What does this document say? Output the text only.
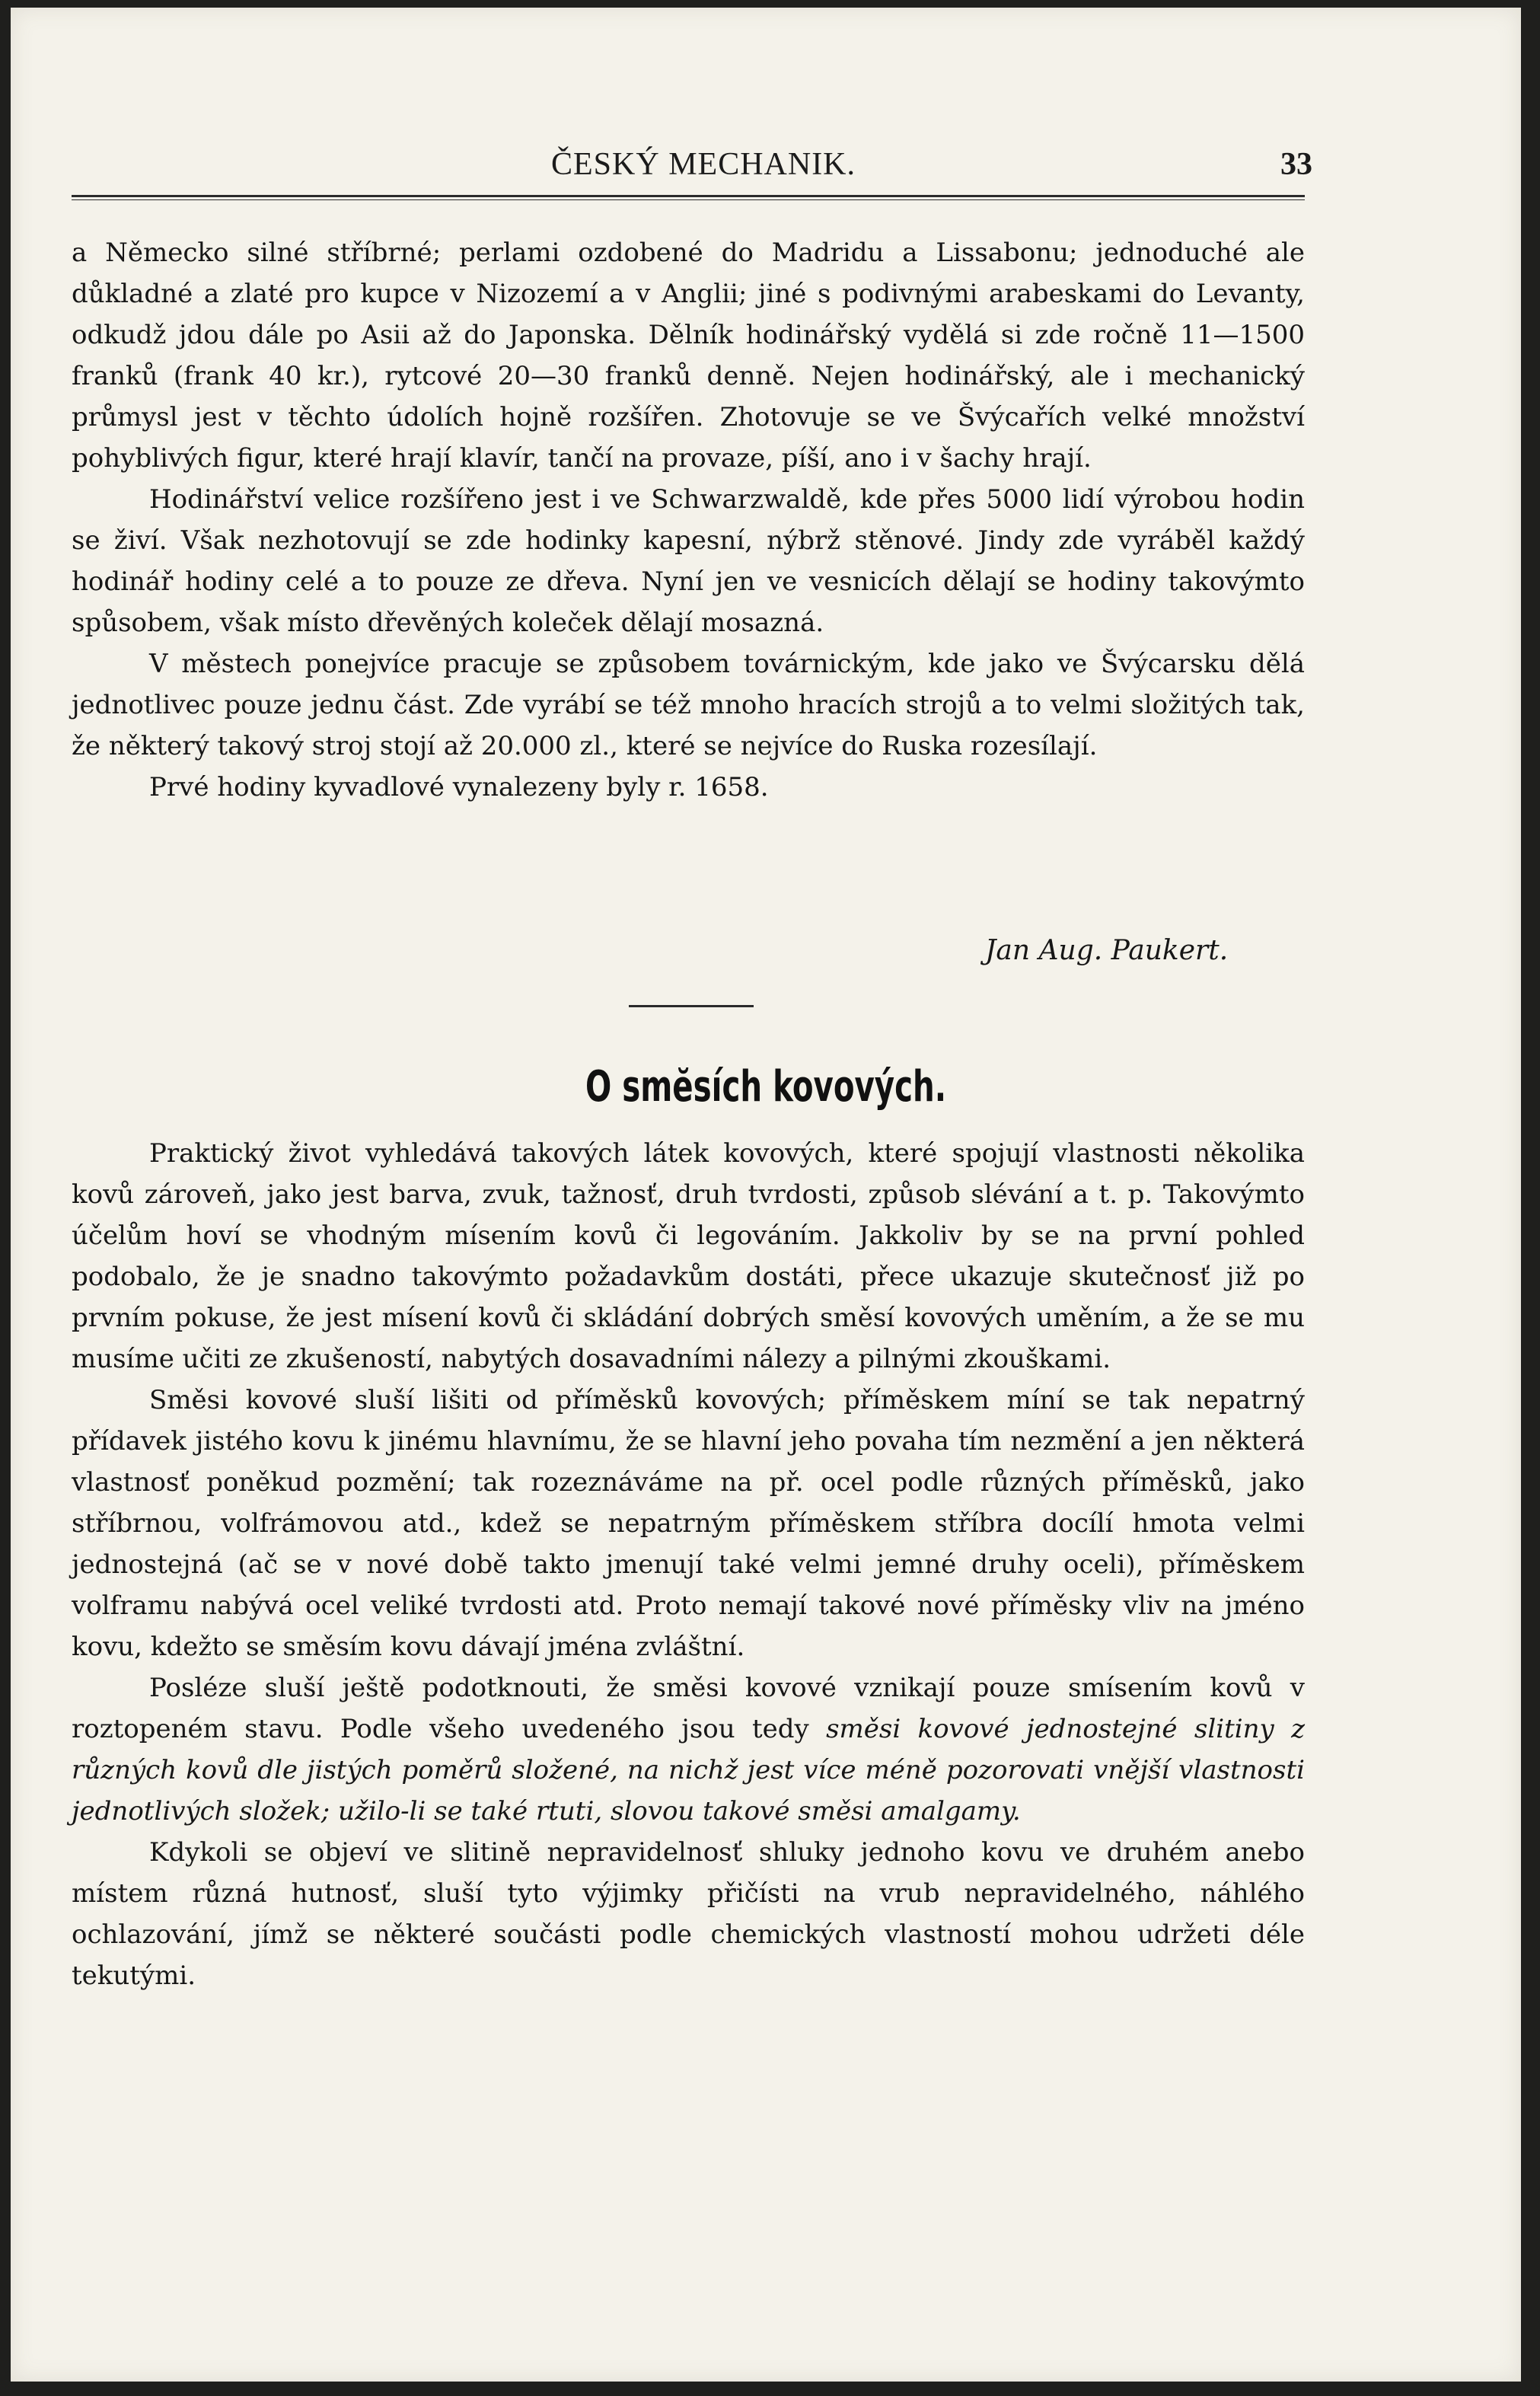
ČESKÝ MECHANIK.	33

a Německo silné stříbrné; perlami ozdobené do Madridu a Lissabonu; jednoduché ale důkladné a zlaté pro kupce v Nizozemí a v Anglii; jiné s podivnými arabeskami do Levanty, odkudž jdou dále po Asii až do Japonska. Dělník hodinářský vydělá si zde ročně 11—1500 franků (frank 40 kr.), rytcové 20—30 franků denně. Nejen hodinářský, ale i mechanický průmysl jest v těchto údolích hojně rozšířen. Zhotovuje se ve Švýcařích velké množství pohyblivých figur, které hrají klavír, tančí na provaze, píší, ano i v šachy hrají.

Hodinářství velice rozšířeno jest i ve Schwarzwaldě, kde přes 5000 lidí výrobou hodin se živí. Však nezhotovují se zde hodinky kapesní, nýbrž stěnové. Jindy zde vyráběl každý hodinář hodiny celé a to pouze ze dřeva. Nyní jen ve vesnicích dělají se hodiny takovýmto spůsobem, však místo dřevěných koleček dělají mosazná.

V městech ponejvíce pracuje se způsobem továrnickým, kde jako ve Švýcarsku dělá jednotlivec pouze jednu část. Zde vyrábí se též mnoho hracích strojů a to velmi složitých tak, že některý takový stroj stojí až 20.000 zl., které se nejvíce do Ruska rozesílají.

Prvé hodiny kyvadlové vynalezeny byly r. 1658.

Jan Aug. Paukert.
O smĕsích kovových.

Praktický život vyhledává takových látek kovových, které spojují vlastnosti několika kovů zároveň, jako jest barva, zvuk, tažnosť, druh tvrdosti, způsob slévání a t. p. Takovýmto účelům hoví se vhodným mísením kovů či legováním. Jakkoliv by se na první pohled podobalo, že je snadno takovýmto požadavkům dostáti, přece ukazuje skutečnosť již po prvním pokuse, že jest mísení kovů či skládání dobrých směsí kovových uměním, a že se mu musíme učiti ze zkušeností, nabytých dosavadními nálezy a pilnými zkouškami.

Směsi kovové sluší lišiti od příměsků kovových; příměskem míní se tak nepatrný přídavek jistého kovu k jinému hlavnímu, že se hlavní jeho povaha tím nezmění a jen některá vlastnosť poněkud pozmění; tak rozeznáváme na př. ocel podle různých příměsků, jako stříbrnou, volfrámovou atd., kdež se nepatrným příměskem stříbra docílí hmota velmi jednostejná (ač se v nové době takto jmenují také velmi jemné druhy oceli), příměskem volframu nabývá ocel veliké tvrdosti atd. Proto nemají takové nové příměsky vliv na jméno kovu, kdežto se směsím kovu dávají jména zvláštní.

Posléze sluší ještě podotknouti, že směsi kovové vznikají pouze smísením kovů v roztopeném stavu. Podle všeho uvedeného jsou tedy směsi kovové jednostejné slitiny z různých kovů dle jistých poměrů složené, na nichž jest více méně pozorovati vnější vlastnosti jednotlivých složek; užilo-li se také rtuti, slovou takové směsi amalgamy.

Kdykoli se objeví ve slitině nepravidelnosť shluky jednoho kovu ve druhém anebo místem různá hutnosť, sluší tyto výjimky přičísti na vrub nepravidelného, náhlého ochlazování, jímž se některé součásti podle chemických vlastností mohou udržeti déle tekutými.
